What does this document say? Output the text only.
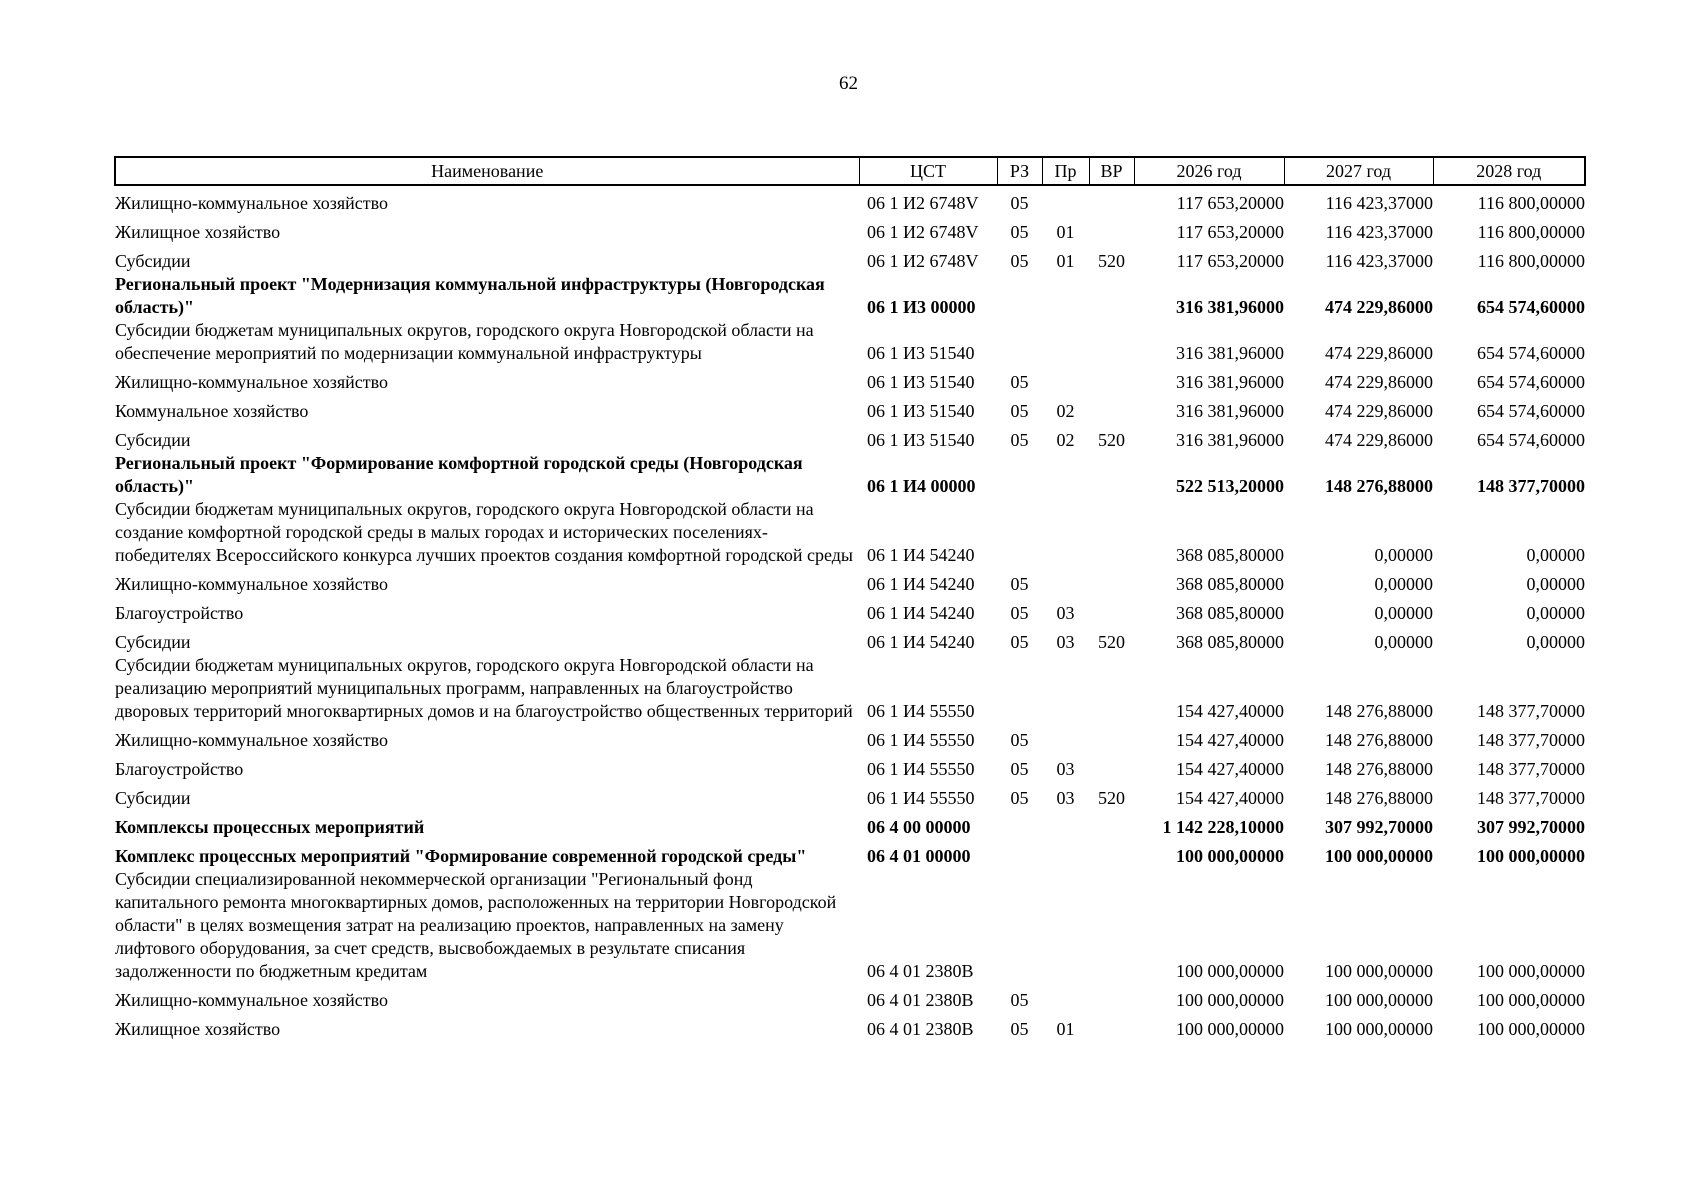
62
Наименование	ЦСТ	РЗ	Пр	ВР	2026 год	2027 год	2028 год
Жилищно-коммунальное хозяйство	06 1 И2 6748V	05			117 653,20000	116 423,37000	116 800,00000
Жилищное хозяйство	06 1 И2 6748V	05	01		117 653,20000	116 423,37000	116 800,00000
Субсидии	06 1 И2 6748V	05	01	520	117 653,20000	116 423,37000	116 800,00000
Региональный проект "Модернизация коммунальной инфраструктуры (Новгородская область)"	06 1 И3 00000				316 381,96000	474 229,86000	654 574,60000
Субсидии бюджетам муниципальных округов, городского округа Новгородской области на обеспечение мероприятий по модернизации коммунальной инфраструктуры	06 1 И3 51540				316 381,96000	474 229,86000	654 574,60000
Жилищно-коммунальное хозяйство	06 1 И3 51540	05			316 381,96000	474 229,86000	654 574,60000
Коммунальное хозяйство	06 1 И3 51540	05	02		316 381,96000	474 229,86000	654 574,60000
Субсидии	06 1 И3 51540	05	02	520	316 381,96000	474 229,86000	654 574,60000
Региональный проект "Формирование комфортной городской среды (Новгородская область)"	06 1 И4 00000				522 513,20000	148 276,88000	148 377,70000
Субсидии бюджетам муниципальных округов, городского округа Новгородской области на создание комфортной городской среды в малых городах и исторических поселениях-победителях Всероссийского конкурса лучших проектов создания комфортной городской среды	06 1 И4 54240				368 085,80000	0,00000	0,00000
Жилищно-коммунальное хозяйство	06 1 И4 54240	05			368 085,80000	0,00000	0,00000
Благоустройство	06 1 И4 54240	05	03		368 085,80000	0,00000	0,00000
Субсидии	06 1 И4 54240	05	03	520	368 085,80000	0,00000	0,00000
Субсидии бюджетам муниципальных округов, городского округа Новгородской области на реализацию мероприятий муниципальных программ, направленных на благоустройство дворовых территорий многоквартирных домов и на благоустройство общественных территорий	06 1 И4 55550				154 427,40000	148 276,88000	148 377,70000
Жилищно-коммунальное хозяйство	06 1 И4 55550	05			154 427,40000	148 276,88000	148 377,70000
Благоустройство	06 1 И4 55550	05	03		154 427,40000	148 276,88000	148 377,70000
Субсидии	06 1 И4 55550	05	03	520	154 427,40000	148 276,88000	148 377,70000
Комплексы процессных мероприятий	06 4 00 00000				1 142 228,10000	307 992,70000	307 992,70000
Комплекс процессных мероприятий "Формирование современной городской среды"	06 4 01 00000				100 000,00000	100 000,00000	100 000,00000
Субсидии специализированной некоммерческой организации "Региональный фонд капитального ремонта многоквартирных домов, расположенных на территории Новгородской области" в целях возмещения затрат на реализацию проектов, направленных на замену лифтового оборудования, за счет средств, высвобождаемых в результате списания задолженности по бюджетным кредитам	06 4 01 2380В				100 000,00000	100 000,00000	100 000,00000
Жилищно-коммунальное хозяйство	06 4 01 2380В	05			100 000,00000	100 000,00000	100 000,00000
Жилищное хозяйство	06 4 01 2380В	05	01		100 000,00000	100 000,00000	100 000,00000
